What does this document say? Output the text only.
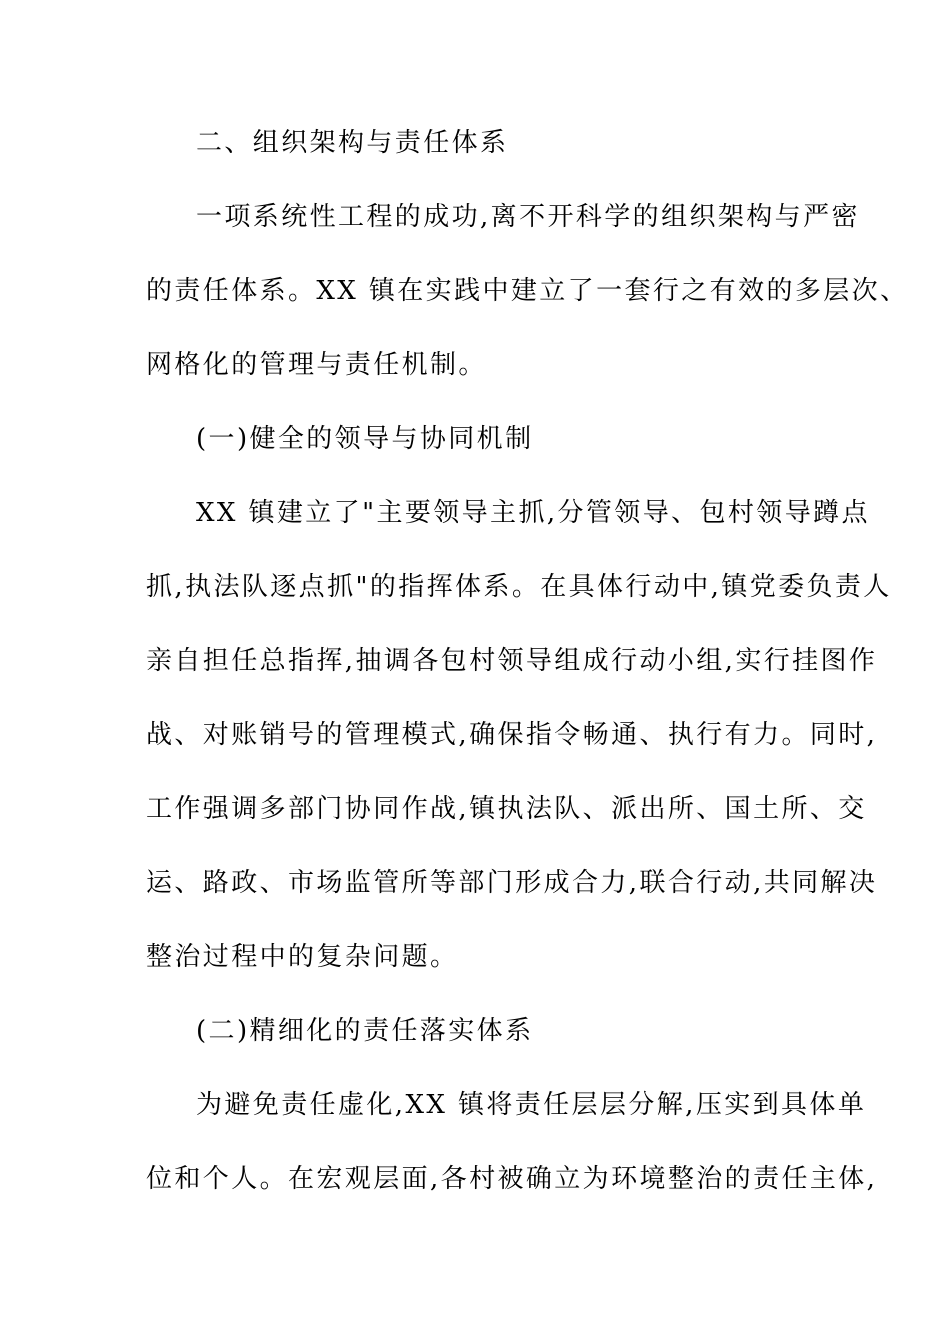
二、组织架构与责任体系
一项系统性工程的成功,离不开科学的组织架构与严密
的责任体系。XX 镇在实践中建立了一套行之有效的多层次、
网格化的管理与责任机制。
(一)健全的领导与协同机制
XX 镇建立了"主要领导主抓,分管领导、包村领导蹲点
抓,执法队逐点抓"的指挥体系。在具体行动中,镇党委负责人
亲自担任总指挥,抽调各包村领导组成行动小组,实行挂图作
战、对账销号的管理模式,确保指令畅通、执行有力。同时,
工作强调多部门协同作战,镇执法队、派出所、国土所、交
运、路政、市场监管所等部门形成合力,联合行动,共同解决
整治过程中的复杂问题。
(二)精细化的责任落实体系
为避免责任虚化,XX 镇将责任层层分解,压实到具体单
位和个人。在宏观层面,各村被确立为环境整治的责任主体,
